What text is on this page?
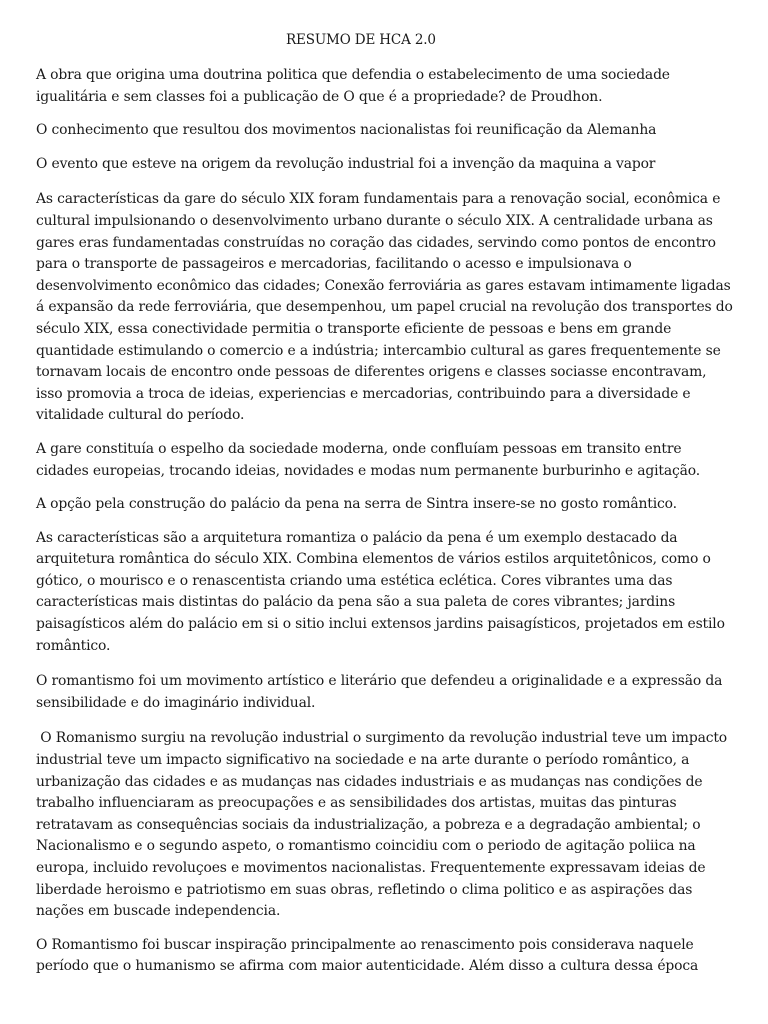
RESUMO DE HCA 2.0

A obra que origina uma doutrina politica que defendia o estabelecimento de uma sociedade igualitária e sem classes foi a publicação de O que é a propriedade? de Proudhon.

O conhecimento que resultou dos movimentos nacionalistas foi reunificação da Alemanha

O evento que esteve na origem da revolução industrial foi a invenção da maquina a vapor

As características da gare do século XIX foram fundamentais para a renovação social, econômica e cultural impulsionando o desenvolvimento urbano durante o século XIX. A centralidade urbana as gares eras fundamentadas construídas no coração das cidades, servindo como pontos de encontro para o transporte de passageiros e mercadorias, facilitando o acesso e impulsionava o desenvolvimento econômico das cidades; Conexão ferroviária as gares estavam intimamente ligadas á expansão da rede ferroviária, que desempenhou, um papel crucial na revolução dos transportes do século XIX, essa conectividade permitia o transporte eficiente de pessoas e bens em grande quantidade estimulando o comercio e a indústria; intercambio cultural as gares frequentemente se tornavam locais de encontro onde pessoas de diferentes origens e classes sociasse encontravam, isso promovia a troca de ideias, experiencias e mercadorias, contribuindo para a diversidade e vitalidade cultural do período.

A gare constituía o espelho da sociedade moderna, onde confluíam pessoas em transito entre cidades europeias, trocando ideias, novidades e modas num permanente burburinho e agitação.

A opção pela construção do palácio da pena na serra de Sintra insere-se no gosto romântico.

As características são a arquitetura romantiza o palácio da pena é um exemplo destacado da arquitetura romântica do século XIX. Combina elementos de vários estilos arquitetônicos, como o gótico, o mourisco e o renascentista criando uma estética eclética. Cores vibrantes uma das características mais distintas do palácio da pena são a sua paleta de cores vibrantes; jardins paisagísticos além do palácio em si o sitio inclui extensos jardins paisagísticos, projetados em estilo romântico.

O romantismo foi um movimento artístico e literário que defendeu a originalidade e a expressão da sensibilidade e do imaginário individual.

O Romanismo surgiu na revolução industrial o surgimento da revolução industrial teve um impacto industrial teve um impacto significativo na sociedade e na arte durante o período romântico, a urbanização das cidades e as mudanças nas cidades industriais e as mudanças nas condições de trabalho influenciaram as preocupações e as sensibilidades dos artistas, muitas das pinturas retratavam as consequências sociais da industrialização, a pobreza e a degradação ambiental; o Nacionalismo e o segundo aspeto, o romantismo coincidiu com o periodo de agitação poliica na europa, incluido revoluçoes e movimentos nacionalistas. Frequentemente expressavam ideias de liberdade heroismo e patriotismo em suas obras, refletindo o clima politico e as aspirações das nações em buscade independencia.

O Romantismo foi buscar inspiração principalmente ao renascimento pois considerava naquele período que o humanismo se afirma com maior autenticidade. Além disso a cultura dessa época
